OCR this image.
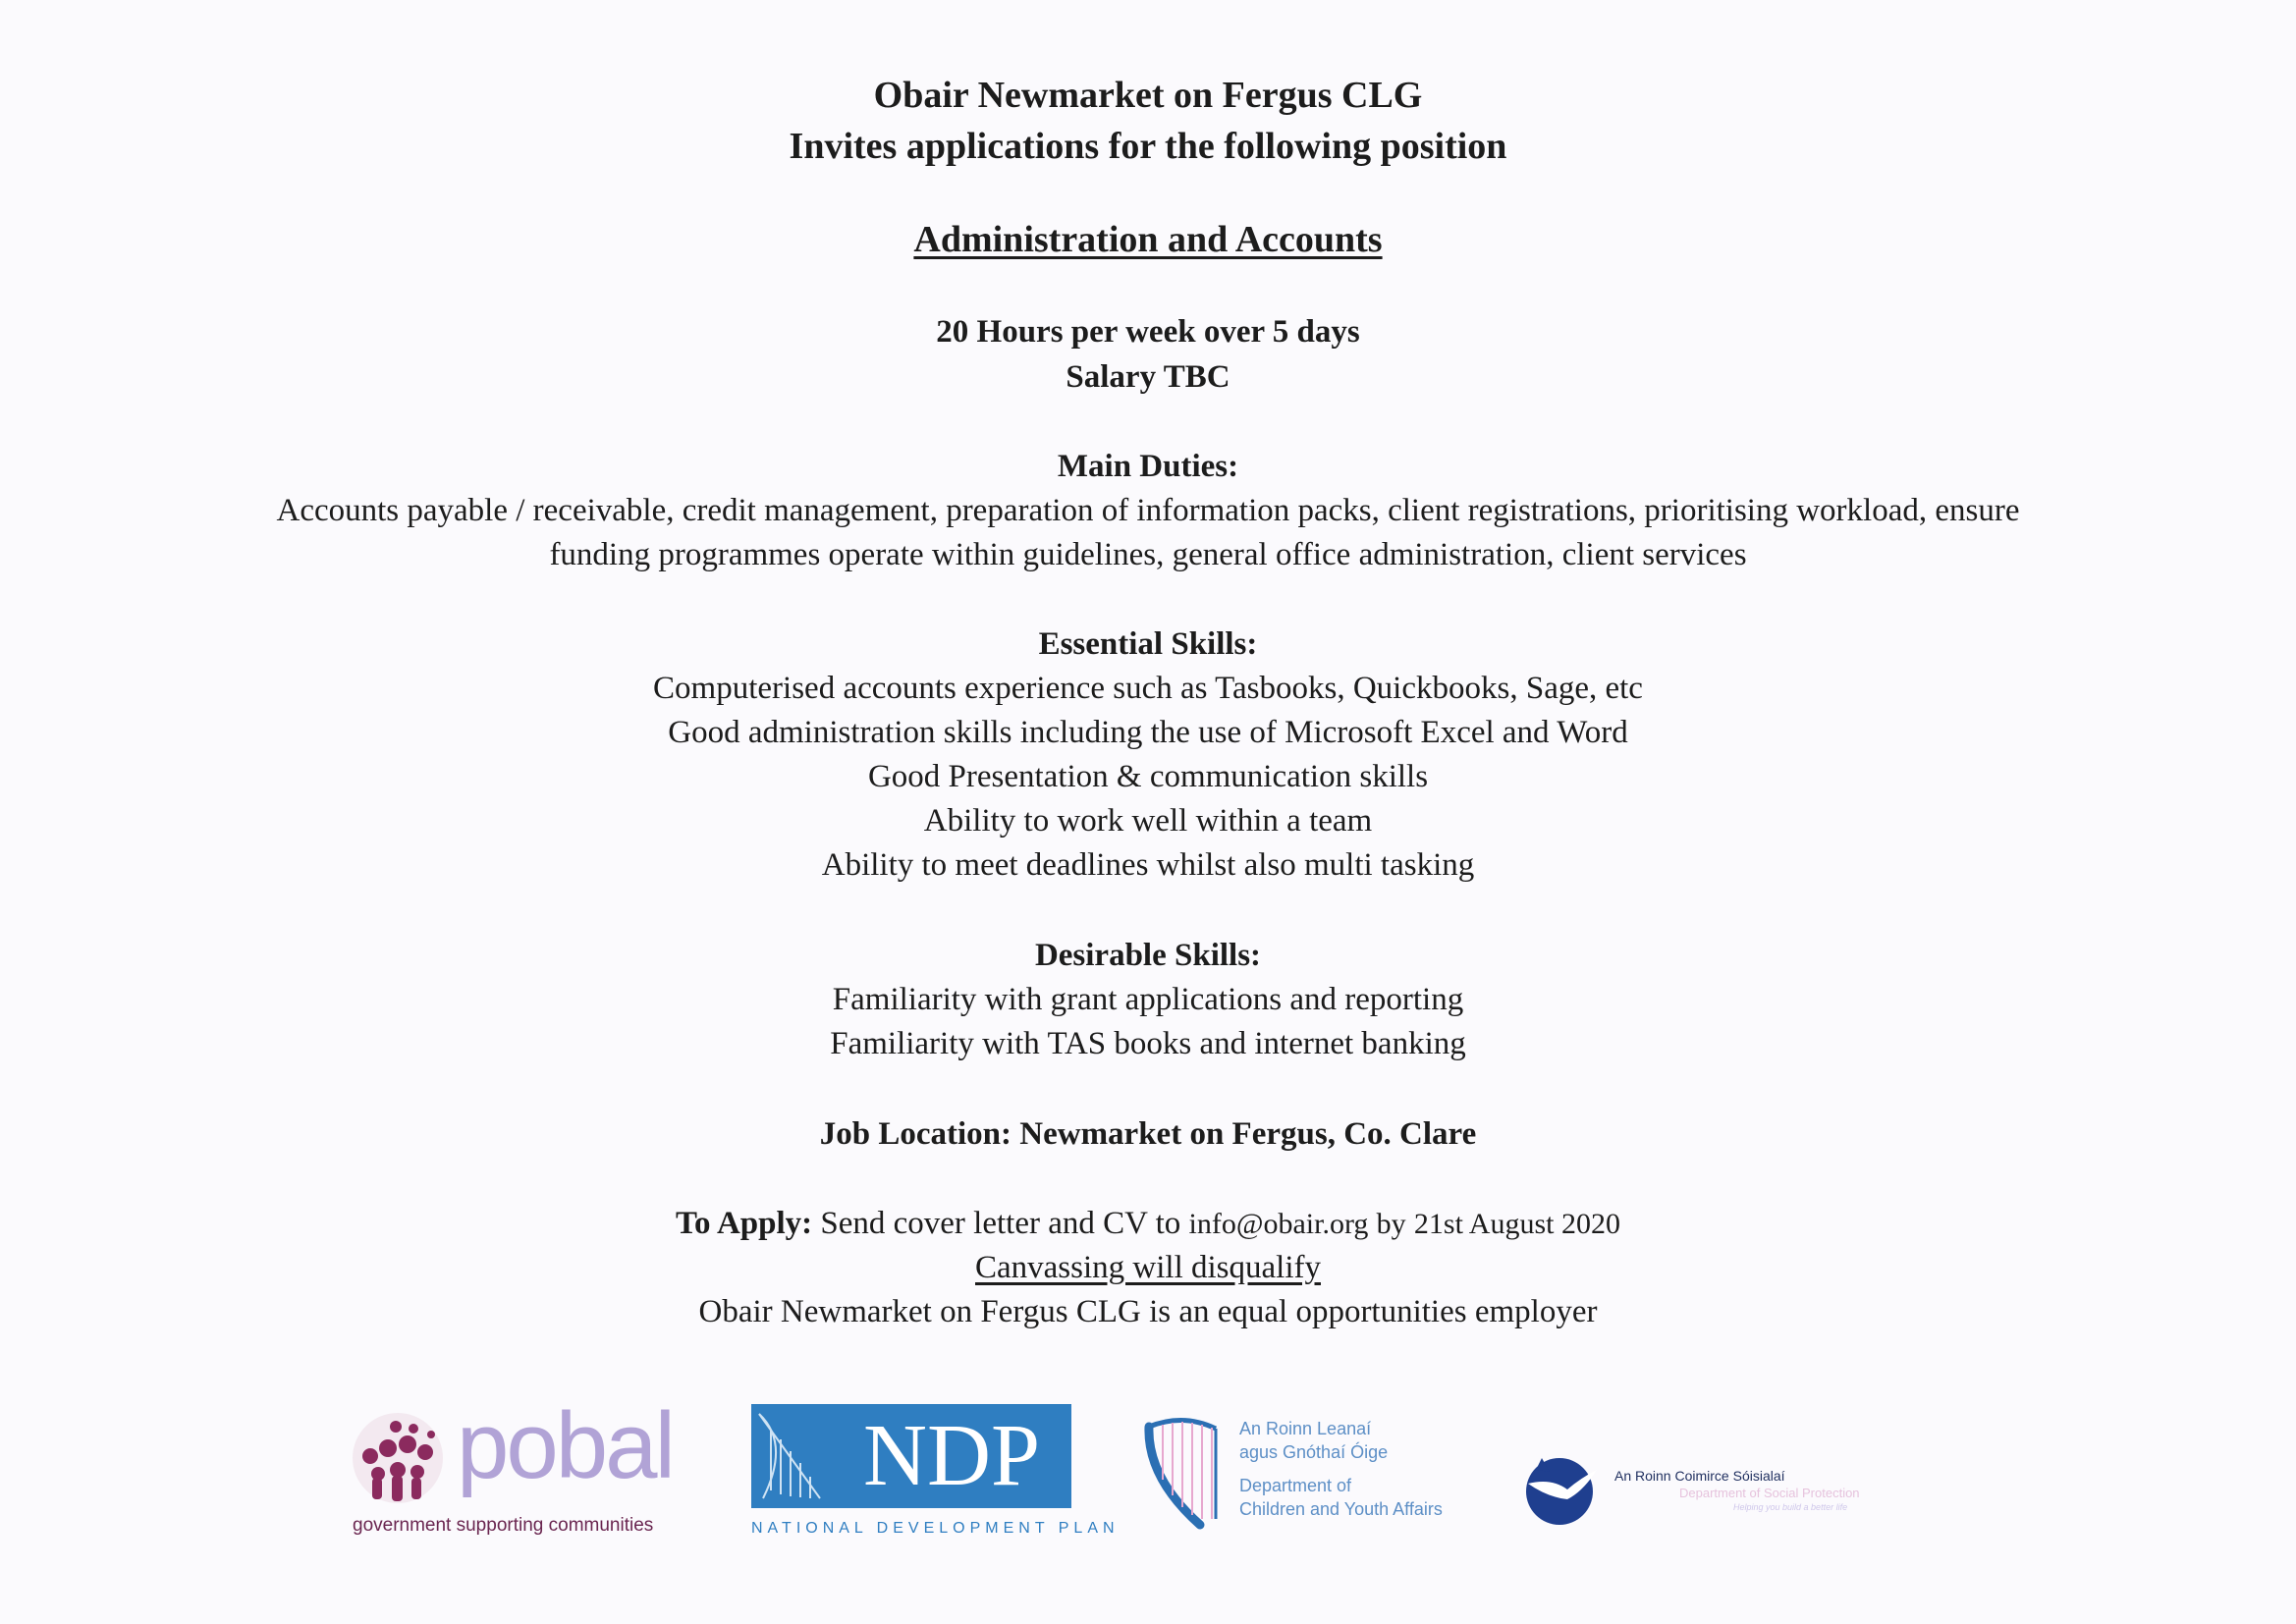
Obair Newmarket on Fergus CLG
Invites applications for the following position
Administration and Accounts
20 Hours per week over 5 days
Salary TBC
Main Duties:
Accounts payable / receivable, credit management, preparation of information packs, client registrations, prioritising workload, ensure
funding programmes operate within guidelines, general office administration, client services
Essential Skills:
Computerised accounts experience such as Tasbooks, Quickbooks, Sage, etc
Good administration skills including the use of Microsoft Excel and Word
Good Presentation & communication skills
Ability to work well within a team
Ability to meet deadlines whilst also multi tasking
Desirable Skills:
Familiarity with grant applications and reporting
Familiarity with TAS books and internet banking
Job Location: Newmarket on Fergus, Co. Clare
To Apply: Send cover letter and CV to info@obair.org by 21st August 2020
Canvassing will disqualify
Obair Newmarket on Fergus CLG is an equal opportunities employer
pobal
government supporting communities
NDP
NATIONAL DEVELOPMENT PLAN
An Roinn Leanaí
agus Gnóthaí Óige
Department of
Children and Youth Affairs
An Roinn Coimirce Sóisialaí
Department of Social Protection
Helping you build a better life
